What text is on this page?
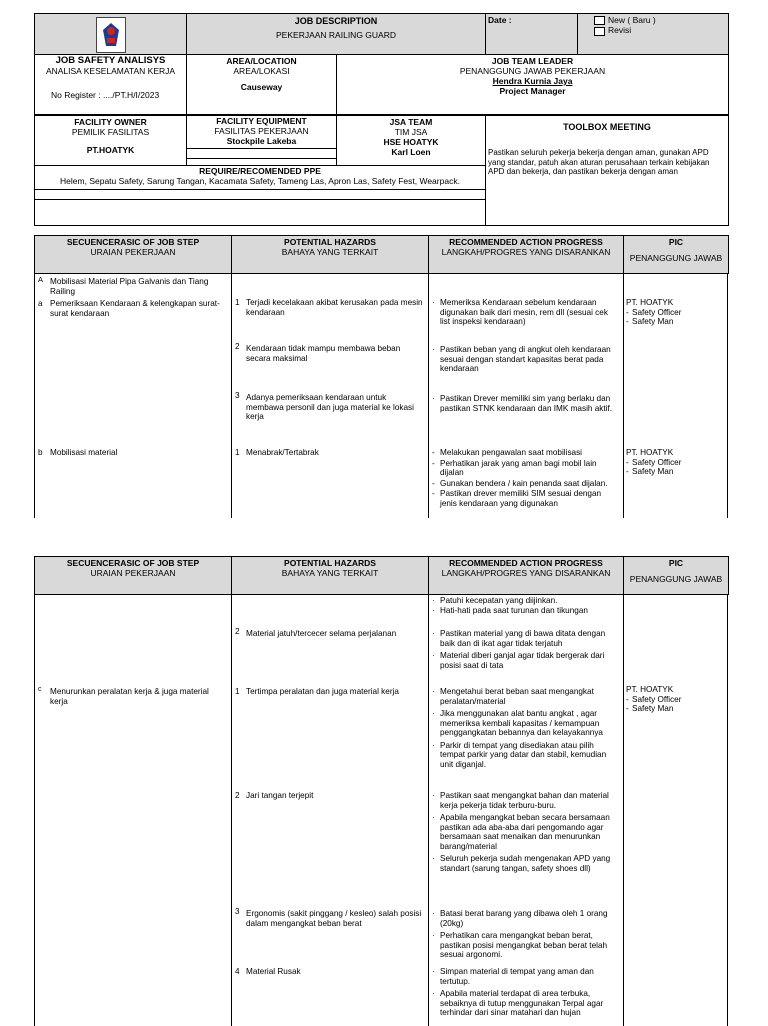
JOB DESCRIPTION
PEKERJAAN RAILING GUARD
	Date :	New ( Baru )
Revisi

JOB SAFETY ANALISYS
ANALISA KESELAMATAN KERJA
No Register : ..../PT.H/I/2023

AREA/LOCATION
AREA/LOKASI
Causeway

JOB TEAM LEADER
PENANGGUNG JAWAB PEKERJAAN
Hendra Kurnia Jaya
Project Manager
FACILITY OWNER
PEMILIK FASILITAS
PT.HOATYK

FACILITY EQUIPMENT
FASILITAS PEKERJAAN
Stockpile Lakeba

JSA TEAM
TIM JSA
HSE HOATYK
Karl Loen

TOOLBOX MEETING
Pastikan seluruh pekerja bekerja dengan aman, gunakan APD yang standar, patuh akan aturan perusahaan terkain kebijakan APD dan bekerja, dan pastikan bekerja dengan aman

REQUIRE/RECOMENDED PPE
Helem, Sepatu Safety, Sarung Tangan, Kacamata Safety, Tameng Las, Apron Las, Safety Fest, Wearpack.
SECUENCERASIC OF JOB STEP
URAIAN PEKERJAAN

POTENTIAL HAZARDS
BAHAYA YANG TERKAIT

RECOMMENDED ACTION PROGRESS
LANGKAH/PROGRES YANG DISARANKAN

PIC
PENANGGUNG JAWAB
A Mobilisasi Material Pipa Galvanis dan Tiang Railing
a Pemeriksaan Kendaraan & kelengkapan surat-surat kendaraan
1 Terjadi kecelakaan akibat kerusakan pada mesin kendaraan
2 Kendaraan tidak mampu membawa beban secara maksimal
3 Adanya pemeriksaan kendaraan untuk membawa personil dan juga material ke lokasi kerja
· Memeriksa Kendaraan sebelum kendaraan digunakan baik dari mesin, rem dll (sesuai cek list inspeksi kendaraan)
· Pastikan beban yang di angkut oleh kendaraan sesuai dengan standart kapasitas berat pada kendaraan
· Pastikan Drever memiliki sim yang berlaku dan pastikan STNK kendaraan dan IMK masih aktif.
PT. HOATYK
- Safety Officer
- Safety Man
b Mobilisasi material	1 Menabrak/Tertabrak
-	Melakukan pengawalan saat mobilisasi
- Perhatikan jarak yang aman bagi mobil lain dijalan
- Gunakan bendera / kain penanda saat dijalan.
- Pastikan drever memiliki SIM sesuai dengan jenis kendaraan yang digunakan
PT. HOATYK
- Safety Officer
- Safety Man
SECUENCERASIC OF JOB STEP
URAIAN PEKERJAAN

POTENTIAL HAZARDS
BAHAYA YANG TERKAIT

RECOMMENDED ACTION PROGRESS
LANGKAH/PROGRES YANG DISARANKAN

PIC
PENANGGUNG JAWAB
· Patuhi kecepatan yang diijinkan.
· Hati-hati pada saat turunan dan tikungan
2 Material jatuh/tercecer selama perjalanan	· Pastikan material yang di bawa ditata dengan baik dan di ikat agar tidak terjatuh
· Material diberi ganjal agar tidak bergerak dari posisi saat di tata
c	Menurunkan peralatan kerja & juga material kerja
1 Tertimpa peralatan dan juga material kerja	· Mengetahui berat beban saat mengangkat peralatan/material
· Jika menggunakan alat bantu angkat , agar memeriksa kembali kapasitas / kemampuan penggangkatan bebannya dan kelayakannya
· Parkir di tempat yang disediakan atau pilih tempat parkir yang datar dan stabil, kemudian unit diganjal.
PT. HOATYK
- Safety Officer
- Safety Man
2 Jari tangan terjepit	· Pastikan saat mengangkat bahan dan material kerja pekerja tidak terburu-buru.
· Apabila mengangkat beban secara bersamaan pastikan ada aba-aba dari pengomando agar bersamaan saat menaikan dan menurunkan barang/material
· Seluruh pekerja sudah mengenakan APD yang standart (sarung tangan, safety shoes dll)
3 Ergonomis (sakit pinggang / kesleo) salah posisi dalam mengangkat beban berat
· Batasi berat barang yang dibawa oleh 1 orang (20kg)
· Perhatikan cara mengangkat beban berat, pastikan posisi mengangkat beban berat telah sesuai argonomi.
4 Material Rusak	· Simpan material di tempat yang aman dan tertutup.
· Apabila material terdapat di area terbuka, sebaiknya di tutup menggunakan Terpal agar terhindar dari sinar matahari dan hujan
